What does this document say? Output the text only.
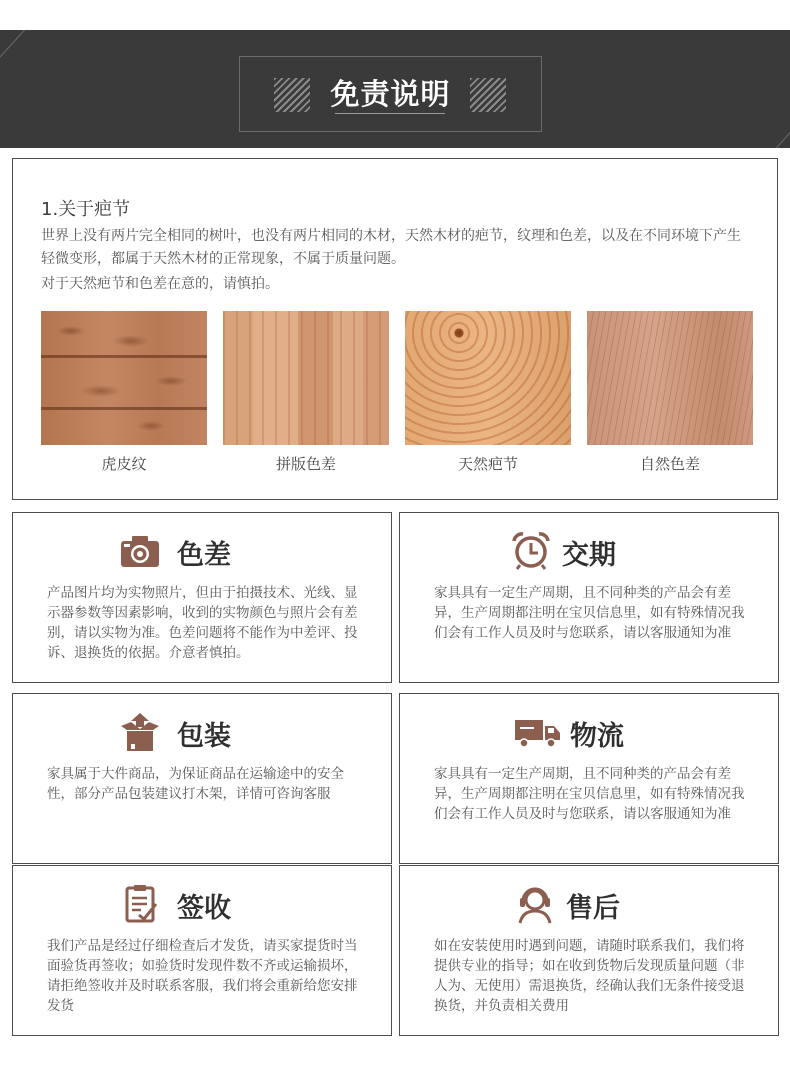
免责说明
1.关于疤节
世界上没有两片完全相同的树叶，也没有两片相同的木材，天然木材的疤节，纹理和色差，以及在不同环境下产生轻微变形，都属于天然木材的正常现象，不属于质量问题。
对于天然疤节和色差在意的，请慎拍。
虎皮纹	拼版色差	天然疤节	自然色差
色差
产品图片均为实物照片，但由于拍摄技术、光线、显示器参数等因素影响，收到的实物颜色与照片会有差别，请以实物为准。色差问题将不能作为中差评、投诉、退换货的依据。介意者慎拍。
交期
家具具有一定生产周期，且不同种类的产品会有差异，生产周期都注明在宝贝信息里，如有特殊情况我们会有工作人员及时与您联系，请以客服通知为准
包装
家具属于大件商品，为保证商品在运输途中的安全性，部分产品包装建议打木架，详情可咨询客服
物流
家具具有一定生产周期，且不同种类的产品会有差异，生产周期都注明在宝贝信息里，如有特殊情况我们会有工作人员及时与您联系，请以客服通知为准
签收
我们产品是经过仔细检查后才发货，请买家提货时当面验货再签收；如验货时发现件数不齐或运输损坏，请拒绝签收并及时联系客服，我们将会重新给您安排发货
售后
如在安装使用时遇到问题，请随时联系我们，我们将提供专业的指导；如在收到货物后发现质量问题（非人为、无使用）需退换货，经确认我们无条件接受退换货，并负责相关费用
